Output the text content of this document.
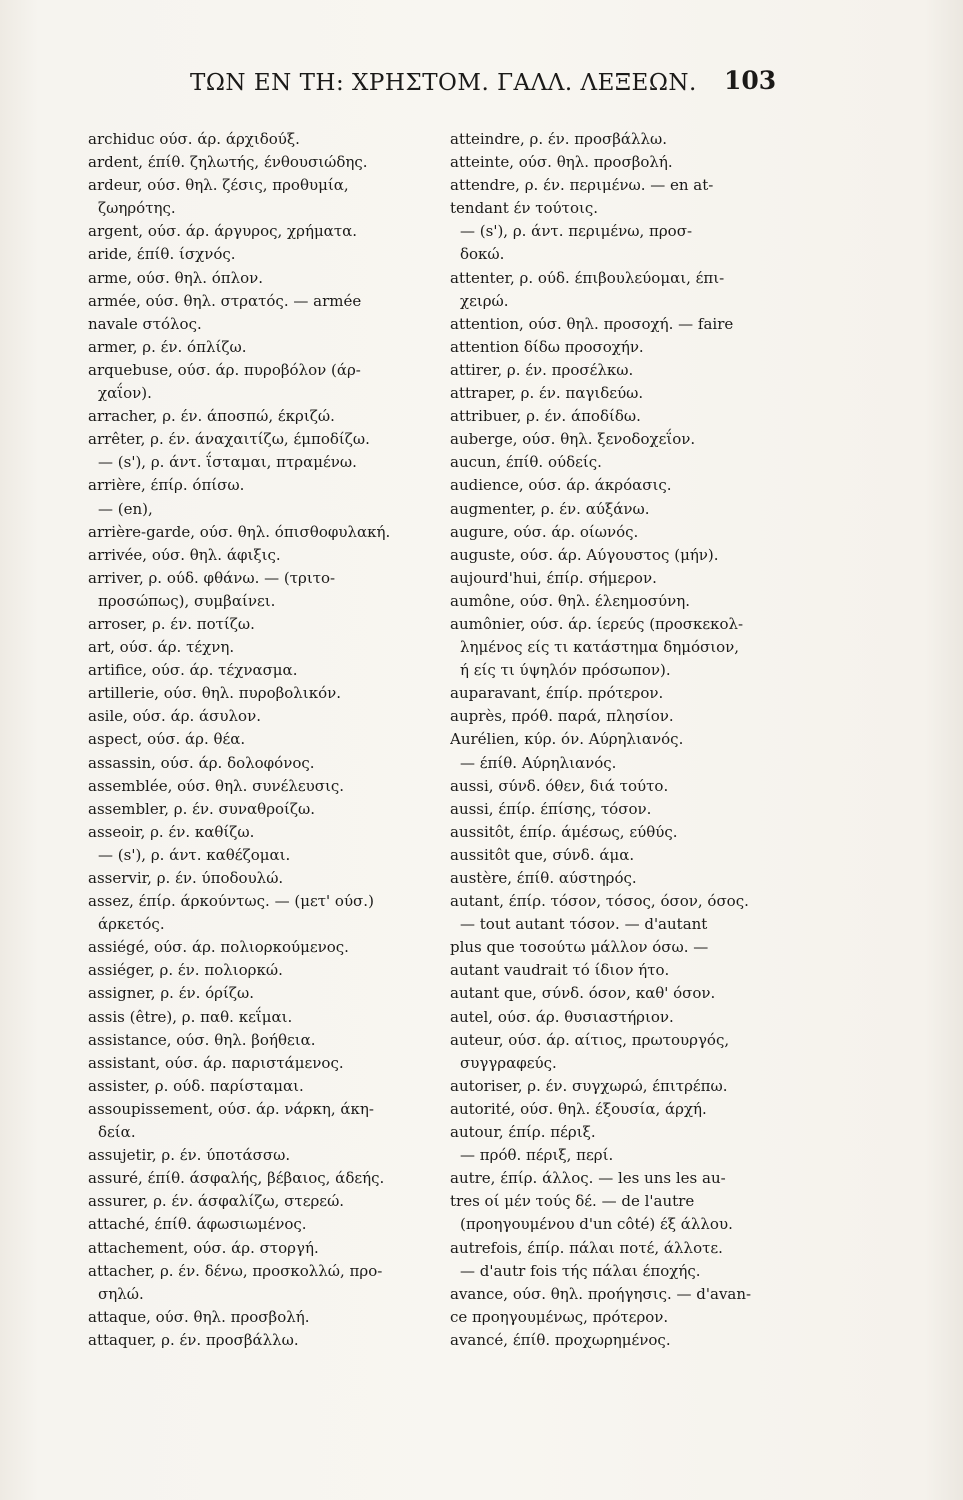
ΤΩΝ ΕΝ ΤΗ: ΧΡΗΣΤΟΜ. ΓΑΛΛ. ΛΕΞΕΩΝ.	103
archiduc ούσ. άρ. άρχιδούξ.
ardent, έπίθ. ζηλωτής, ένθουσιώδης.
ardeur, ούσ. θηλ. ζέσις, προθυμία,
ζωηρότης.
argent, ούσ. άρ. άργυρος, χρήματα.
aride, έπίθ. ίσχνός.
arme, ούσ. θηλ. όπλον.
armée, ούσ. θηλ. στρατός. — armée
navale στόλος.
armer, ρ. έν. όπλίζω.
arquebuse, ούσ. άρ. πυροβόλον (άρ-
χαΐον).
arracher, ρ. έν. άποσπώ, έκριζώ.
arrêter, ρ. έν. άναχαιτίζω, έμποδίζω.
— (s'), ρ. άντ. ΐσταμαι, πτραμένω.
arrière, έπίρ. όπίσω.
— (en),
arrière-garde, ούσ. θηλ. όπισθοφυλακή.
arrivée, ούσ. θηλ. άφιξις.
arriver, ρ. ούδ. φθάνω. — (τριτο-
προσώπως), συμβαίνει.
arroser, ρ. έν. ποτίζω.
art, ούσ. άρ. τέχνη.
artifice, ούσ. άρ. τέχνασμα.
artillerie, ούσ. θηλ. πυροβολικόν.
asile, ούσ. άρ. άσυλον.
aspect, ούσ. άρ. θέα.
assassin, ούσ. άρ. δολοφόνος.
assemblée, ούσ. θηλ. συνέλευσις.
assembler, ρ. έν. συναθροίζω.
asseoir, ρ. έν. καθίζω.
— (s'), ρ. άντ. καθέζομαι.
asservir, ρ. έν. ύποδουλώ.
assez, έπίρ. άρκούντως. — (μετ' ούσ.)
άρκετός.
assiégé, ούσ. άρ. πολιορκούμενος.
assiéger, ρ. έν. πολιορκώ.
assigner, ρ. έν. όρίζω.
assis (être), ρ. παθ. κεΐμαι.
assistance, ούσ. θηλ. βοήθεια.
assistant, ούσ. άρ. παριστάμενος.
assister, ρ. ούδ. παρίσταμαι.
assoupissement, ούσ. άρ. νάρκη, άκη-
δεία.
assujetir, ρ. έν. ύποτάσσω.
assuré, έπίθ. άσφαλής, βέβαιος, άδεής.
assurer, ρ. έν. άσφαλίζω, στερεώ.
attaché, έπίθ. άφωσιωμένος.
attachement, ούσ. άρ. στοργή.
attacher, ρ. έν. δένω, προσκολλώ, προ-
σηλώ.
attaque, ούσ. θηλ. προσβολή.
attaquer, ρ. έν. προσβάλλω.
atteindre, ρ. έν. προσβάλλω.
atteinte, ούσ. θηλ. προσβολή.
attendre, ρ. έν. περιμένω. — en at-
tendant έν τούτοις.
— (s'), ρ. άντ. περιμένω, προσ-
δοκώ.
attenter, ρ. ούδ. έπιβουλεύομαι, έπι-
χειρώ.
attention, ούσ. θηλ. προσοχή. — faire
attention δίδω προσοχήν.
attirer, ρ. έν. προσέλκω.
attraper, ρ. έν. παγιδεύω.
attribuer, ρ. έν. άποδίδω.
auberge, ούσ. θηλ. ξενοδοχεΐον.
aucun, έπίθ. ούδείς.
audience, ούσ. άρ. άκρόασις.
augmenter, ρ. έν. αύξάνω.
augure, ούσ. άρ. οίωνός.
auguste, ούσ. άρ. Αύγουστος (μήν).
aujourd'hui, έπίρ. σήμερον.
aumône, ούσ. θηλ. έλεημοσύνη.
aumônier, ούσ. άρ. ίερεύς (προσκεκολ-
λημένος είς τι κατάστημα δημόσιον,
ή είς τι ύψηλόν πρόσωπον).
auparavant, έπίρ. πρότερον.
auprès, πρόθ. παρά, πλησίον.
Aurélien, κύρ. όν. Αύρηλιανός.
— έπίθ. Αύρηλιανός.
aussi, σύνδ. όθεν, διά τούτο.
aussi, έπίρ. έπίσης, τόσον.
aussitôt, έπίρ. άμέσως, εύθύς.
aussitôt que, σύνδ. άμα.
austère, έπίθ. αύστηρός.
autant, έπίρ. τόσον, τόσος, όσον, όσος.
— tout autant τόσον. — d'autant
plus que τοσούτω μάλλον όσω. —
autant vaudrait τό ίδιον ήτο.
autant que, σύνδ. όσον, καθ' όσον.
autel, ούσ. άρ. θυσιαστήριον.
auteur, ούσ. άρ. αίτιος, πρωτουργός,
συγγραφεύς.
autoriser, ρ. έν. συγχωρώ, έπιτρέπω.
autorité, ούσ. θηλ. έξουσία, άρχή.
autour, έπίρ. πέριξ.
— πρόθ. πέριξ, περί.
autre, έπίρ. άλλος. — les uns les au-
tres οί μέν τούς δέ. — de l'autre
(προηγουμένου d'un côté) έξ άλλου.
autrefois, έπίρ. πάλαι ποτέ, άλλοτε.
— d'autr fois τής πάλαι έποχής.
avance, ούσ. θηλ. προήγησις. — d'avan-
ce προηγουμένως, πρότερον.
avancé, έπίθ. προχωρημένος.
